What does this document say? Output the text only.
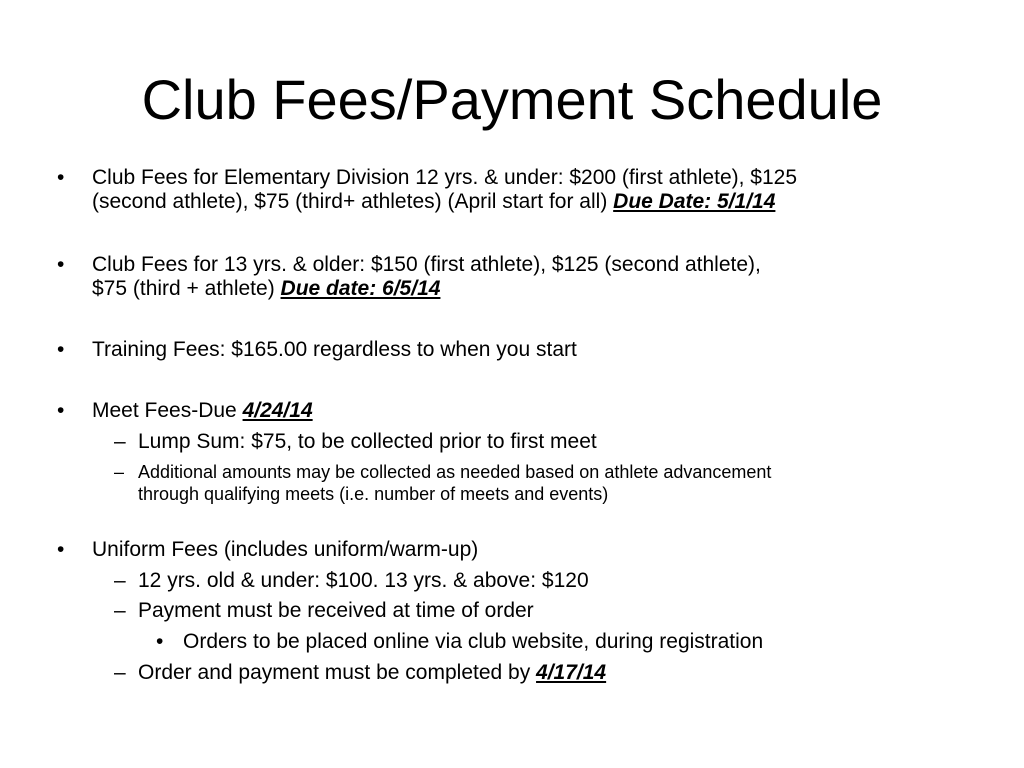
Club Fees/Payment Schedule
• Club Fees for Elementary Division 12 yrs. & under: $200 (first athlete), $125
(second athlete), $75 (third+ athletes) (April start for all) Due Date: 5/1/14
• Club Fees for 13 yrs. & older: $150 (first athlete), $125 (second athlete),
$75 (third + athlete) Due date: 6/5/14
• Training Fees: $165.00 regardless to when you start
• Meet Fees-Due 4/24/14
– Lump Sum: $75, to be collected prior to first meet
– Additional amounts may be collected as needed based on athlete advancement
through qualifying meets (i.e. number of meets and events)
• Uniform Fees (includes uniform/warm-up)
– 12 yrs. old & under: $100. 13 yrs. & above: $120
– Payment must be received at time of order
• Orders to be placed online via club website, during registration
– Order and payment must be completed by 4/17/14
